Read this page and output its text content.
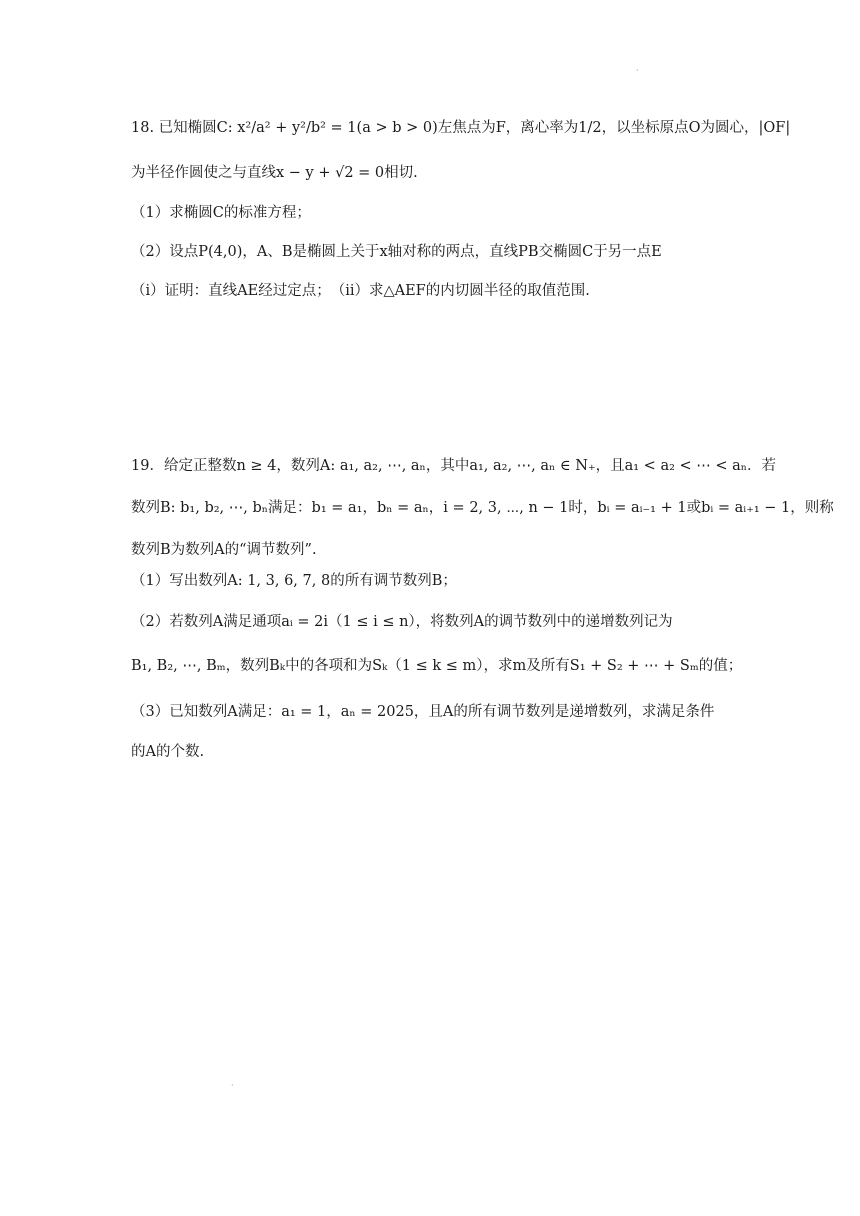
·
18. 已知椭圆C: x²/a² + y²/b² = 1(a > b > 0)左焦点为F，离心率为1/2，以坐标原点O为圆心，|OF|
为半径作圆使之与直线x − y + √2 = 0相切.
（1）求椭圆C的标准方程；
（2）设点P(4,0)，A、B是椭圆上关于x轴对称的两点，直线PB交椭圆C于另一点E
（i）证明：直线AE经过定点；　（ii）求△AEF的内切圆半径的取值范围.
19．给定正整数n ≥ 4，数列A: a₁, a₂, ⋯, aₙ，其中a₁, a₂, ⋯, aₙ ∈ N₊，且a₁ < a₂ < ⋯ < aₙ．若
数列B: b₁, b₂, ⋯, bₙ满足：b₁ = a₁，bₙ = aₙ，i = 2, 3, ⋯, n − 1时，bᵢ = aᵢ₋₁ + 1或bᵢ = aᵢ₊₁ − 1，则称
数列B为数列A的“调节数列”.
（1）写出数列A: 1, 3, 6, 7, 8的所有调节数列B；
（2）若数列A满足通项aᵢ = 2i（1 ≤ i ≤ n），将数列A的调节数列中的递增数列记为
B₁, B₂, ⋯, Bₘ，数列Bₖ中的各项和为Sₖ（1 ≤ k ≤ m），求m及所有S₁ + S₂ + ⋯ + Sₘ的值；
（3）已知数列A满足：a₁ = 1，aₙ = 2025，且A的所有调节数列是递增数列，求满足条件
的A的个数.
·
